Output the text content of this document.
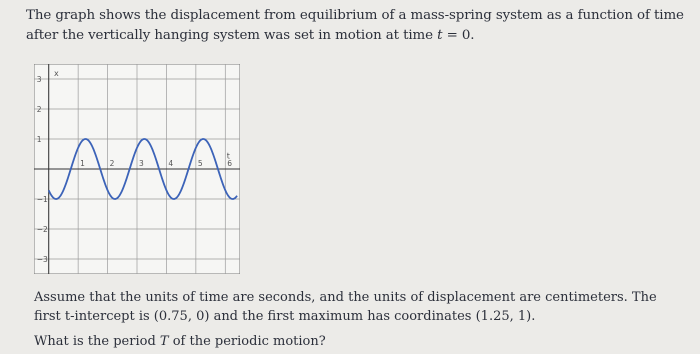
The graph shows the displacement from equilibrium of a mass-spring system as a function of time after the vertically hanging system was set in motion at time t = 0.
1	2	3	4	5	6
3
2
1
−1
−2
−3
x
t

Assume that the units of time are seconds, and the units of displacement are centimeters. The first t-intercept is (0.75, 0) and the first maximum has coordinates (1.25, 1).

What is the period T of the periodic motion?
